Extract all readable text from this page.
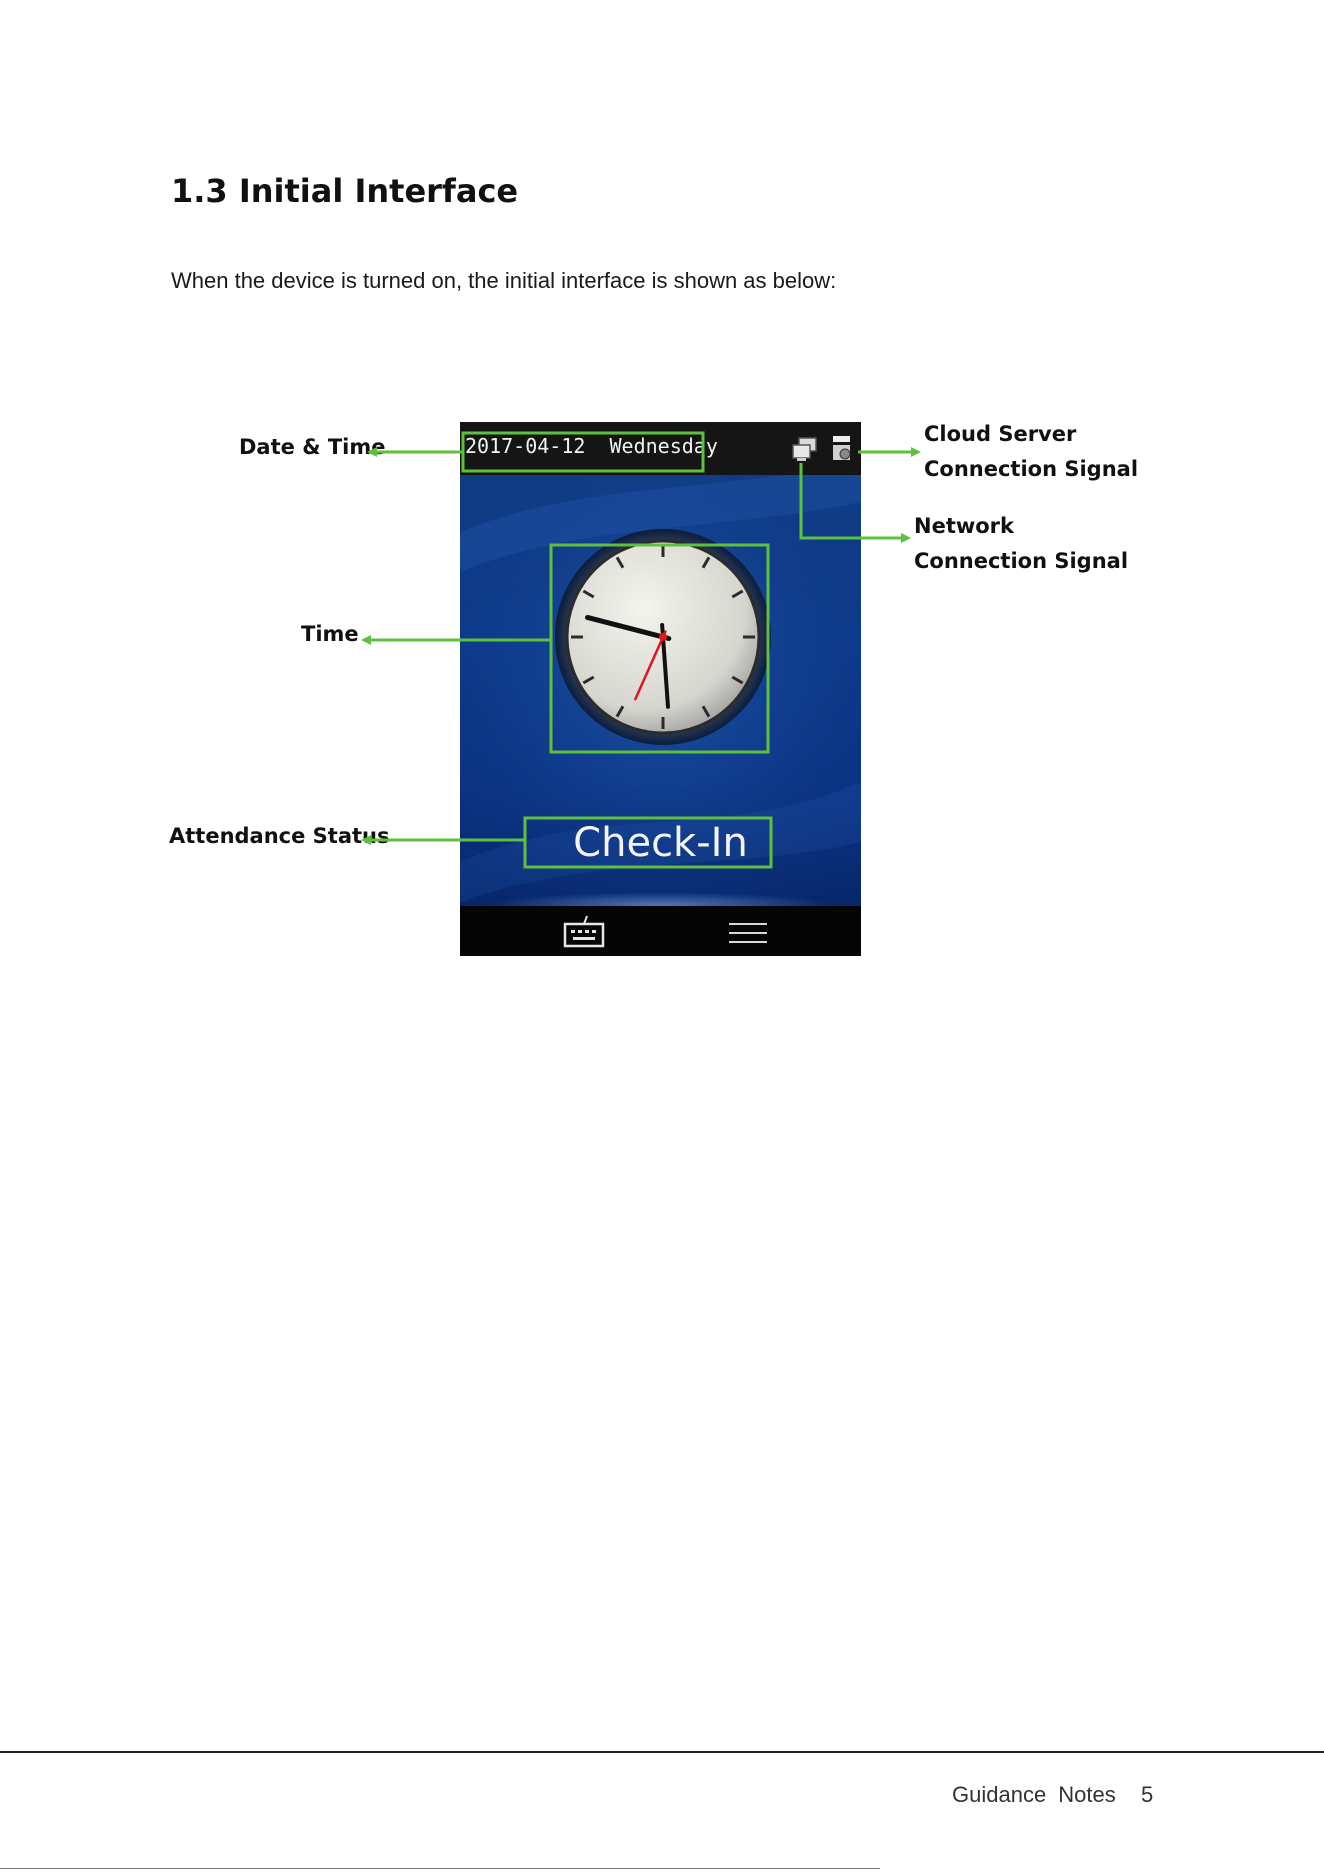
1.3 Initial Interface

When the device is turned on, the initial interface is shown as below:

Date & Time

Time

Attendance Status

Cloud Server
Connection Signal

Network
Connection Signal

2017-04-12 Wednesday
Check-In

Guidance Notes 5
